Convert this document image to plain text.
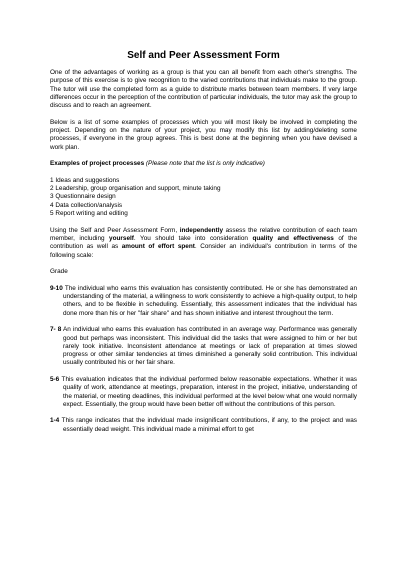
Self and Peer Assessment Form

One of the advantages of working as a group is that you can all benefit from each other's strengths. The purpose of this exercise is to give recognition to the varied contributions that individuals make to the group. The tutor will use the completed form as a guide to distribute marks between team members. If very large differences occur in the perception of the contribution of particular individuals, the tutor may ask the group to discuss and to reach an agreement.

Below is a list of some examples of processes which you will most likely be involved in completing the project. Depending on the nature of your project, you may modify this list by adding/deleting some processes, if everyone in the group agrees. This is best done at the beginning when you have devised a work plan.

Examples of project processes (Please note that the list is only indicative)

1 Ideas and suggestions
2 Leadership, group organisation and support, minute taking
3 Questionnaire design
4 Data collection/analysis
5 Report writing and editing

Using the Self and Peer Assessment Form, independently assess the relative contribution of each team member, including yourself. You should take into consideration quality and effectiveness of the contribution as well as amount of effort spent. Consider an individual's contribution in terms of the following scale:

Grade
9-10 The individual who earns this evaluation has consistently contributed. He or she has demonstrated an understanding of the material, a willingness to work consistently to achieve a high-quality output, to help others, and to be flexible in scheduling. Essentially, this assessment indicates that the individual has done more than his or her "fair share" and has shown initiative and interest throughout the term.
7- 8 An individual who earns this evaluation has contributed in an average way. Performance was generally good but perhaps was inconsistent. This individual did the tasks that were assigned to him or her but rarely took initiative. Inconsistent attendance at meetings or lack of preparation at times slowed progress or other similar tendencies at times diminished a generally solid contribution. This individual usually contributed his or her fair share.
5-6 This evaluation indicates that the individual performed below reasonable expectations. Whether it was quality of work, attendance at meetings, preparation, interest in the project, initiative, understanding of the material, or meeting deadlines, this individual performed at the level below what one would normally expect. Essentially, the group would have been better off without the contributions of this person.
1-4 This range indicates that the individual made insignificant contributions, if any, to the project and was essentially dead weight. This individual made a minimal effort to get
